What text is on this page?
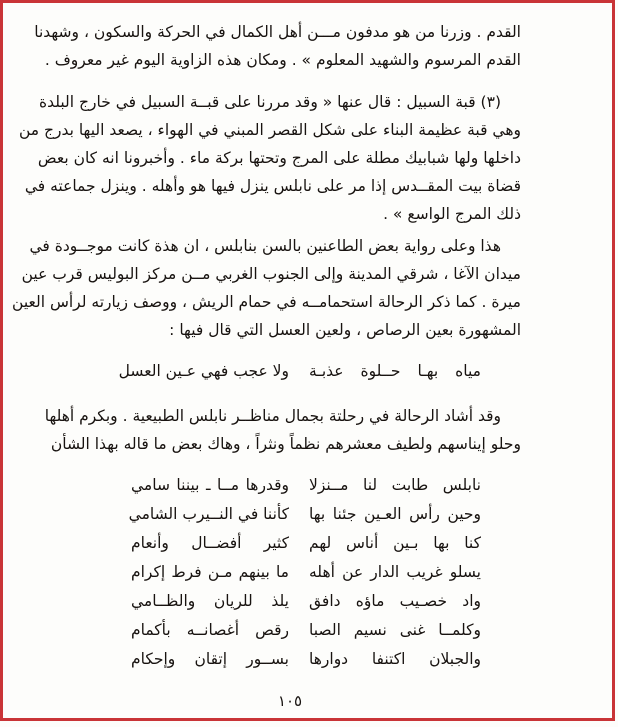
القدم . وزرنا من هو مدفون مـــن أهل الكمال في الحركة والسكون ، وشهدنا
القدم المرسوم والشهيد المعلوم » . ومكان هذه الزاوية اليوم غير معروف .
(٣) قبة السبيل : قال عنها « وقد مررنا على قبــة السبيل في خارج البلدة
وهي قبة عظيمة البناء على شكل القصر المبني في الهواء ، يصعد اليها بدرج من
داخلها ولها شبابيك مطلة على المرج وتحتها بركة ماء . وأخبرونا انه كان بعض
قضاة بيت المقــدس إذا مر على نابلس ينزل فيها هو وأهله . وينزل جماعته في
ذلك المرج الواسع » .
هذا وعلى رواية بعض الطاعنين بالسن بنابلس ، ان هذة كانت موجــودة في
ميدان الآغا ، شرقي المدينة وإلى الجنوب الغربي مــن مركز البوليس قرب عين
ميرة . كما ذكر الرحالة استحمامــه في حمام الريش ، ووصف زيارته لرأس العين
المشهورة بعين الرصاص ، ولعين العسل التي قال فيها :
مياه بهـا حــلوة عذبـة
ولا عجب فهي عـين العسل
وقد أشاد الرحالة في رحلتة بجمال مناظــر نابلس الطبيعية . وبكرم أهلها
وحلو إيناسهم ولطيف معشرهم نظماً ونثراً ، وهاك بعض ما قاله بهذا الشأن
نابلس طابت لنا مــنزلا
وقدرها مــا ـ بيننا سامي
وحين رأس العـين جئنا بها
كأننا في النــيرب الشامي
كنا بها بـين أناس لهم
كثير أفضــال وأنعام
يسلو غريب الدار عن أهله
ما بينهم مـن فرط إكرام
واد خصـيب ماؤه دافق
يلذ للريان والظــامي
وكلمــا غنى نسيم الصبا
رقص أغصانــه بأكمام
والجبلان اكتنفا دوارها
بســور إتقان وإحكام
١٠٥
